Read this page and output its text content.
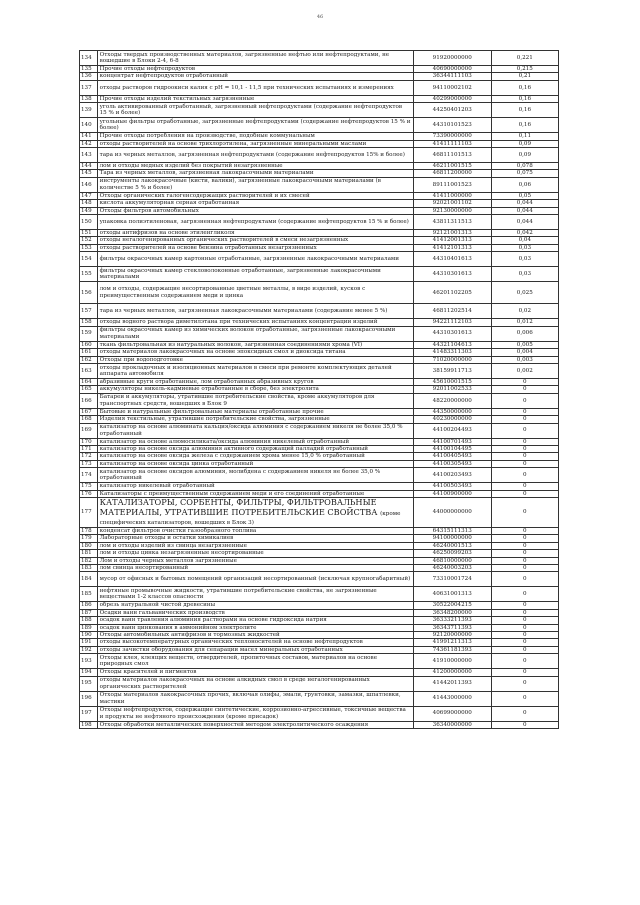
46
134	Отходы твердых производственных материалов, загрязненные нефтью или нефтепродуктами, не вошедшие в Блоки 2-4, 6-8	91920000000	0,221
135	Прочие отходы нефтепродуктов	40690000000	0,215
136	концентрат нефтепродуктов отработанный	36344111103	0,21
137	отходы растворов гидроокиси калия с рН = 10,1 - 11,5 при технических испытаниях и измерениях	94110002102	0,16
138	Прочие отходы изделий текстильных загрязненные	40299000000	0,16
139	уголь активированный отработанный, загрязненный нефтепродуктами (содержание нефтепродуктов 15 % и более)	44250401203	0,16
140	угольные фильтры отработанные, загрязненные нефтепродуктами (содержание нефтепродуктов 15 % и более)	44310101523	0,16
141	Прочие отходы потребления на производстве, подобные коммунальным	73390000000	0,11
142	отходы растворителей на основе трихлорэтилена, загрязненные минеральными маслами	41411111103	0,09
143	тара из черных металлов, загрязненная нефтепродуктами (содержание нефтепродуктов 15% и более)	46811101513	0,09
144	лом и отходы медных изделий без покрытий незагрязненные	46211001515	0,078
145	Тара из черных металлов, загрязненная лакокрасочными материалами	46811200000	0,075
146	инструменты лакокрасочные (кисти, валики), загрязненные лакокрасочными материалами (в количестве 5 % и более)	89111001523	0,06
147	Отходы органических галогенсодержащих растворителей и их смесей	41411000000	0,05
148	кислота аккумуляторная серная отработанная	92021001102	0,044
149	Отходы фильтров автомобильных	92130000000	0,044
150	упаковка полиэтиленовая, загрязненная нефтепродуктами (содержание нефтепродуктов 15 % и более)	43811311513	0,044
151	отходы антифризов на основе этиленгликоля	92121001313	0,042
152	отходы негалогенированных органических растворителей в смеси незагрязненных	41412001313	0,04
153	отходы растворителей на основе бензина отработанных незагрязненных	41412101313	0,03
154	фильтры окрасочных камер картонные отработанные, загрязненные лакокрасочными материалами	44310401613	0,03
155	фильтры окрасочных камер стекловолоконные отработанные, загрязненные лакокрасочными материалами	44310301613	0,03
156	лом и отходы, содержащие несортированные цветные металлы, в виде изделий, кусков с преимущественным содержанием меди и цинка	46201102205	0,025
157	тара из черных металлов, загрязненная лакокрасочными материалами (содержание менее 5 %)	46811202514	0,02
158	отходы водного раствора диметилэтана при технических испытаниях концентрации изделий	94221112103	0,012
159	фильтры окрасочных камер из химических волокон отработанные, загрязненные лакокрасочными материалами	44310301613	0,006
160	ткань фильтровальная из натуральных волокон, загрязненная соединениями хрома (VI)	44321104613	0,005
161	отходы материалов лакокрасочных на основе эпоксидных смол и диоксида титана	41483311303	0,004
162	Отходы при водоподготовке	71020000000	0,003
163	отходы прокладочных и изоляционных материалов в смеси при ремонте комплектующих деталей аппарата автомобиля	38159911713	0,002
164	абразивные круги отработанные, лом отработанных абразивных кругов	45610001515	0
165	аккумуляторы никель-кадмиевые отработанные в сборе, без электролита	92011002533	0
166	Батареи и аккумуляторы, утратившие потребительские свойства, кроме аккумуляторов для транспортных средств, вошедших в Блок 9	48220000000	0
167	Бытовые и натуральные фильтровальные материалы отработанные прочие	44350000000	0
168	Изделия текстильные, утратившие потребительские свойства, загрязненные	40230000000	0
169	катализатор на основе алюмината кальция/оксида алюминия с содержанием никеля не более 35,0 % отработанный	44100204493	0
170	катализатор на основе алюмосиликата/оксида алюминия никелевый отработанный	44100701493	0
171	катализатор на основе оксида алюминия активного содержащий палладий отработанный	44100104495	0
172	катализатор на основе оксида железа с содержанием хрома менее 15,0 % отработанный	44100405493	0
173	катализатор на основе оксида цинка отработанный	44100305493	0
174	катализатор на основе оксидов алюминия, молибдена с содержанием никеля не более 35,0 % отработанный	44100203493	0
175	катализатор никелевый отработанный	44100503493	0
176	Катализаторы с преимущественным содержанием меди и его соединений отработанные	44100900000	0
177	КАТАЛИЗАТОРЫ, СОРБЕНТЫ, ФИЛЬТРЫ, ФИЛЬТРОВАЛЬНЫЕ МАТЕРИАЛЫ, УТРАТИВШИЕ ПОТРЕБИТЕЛЬСКИЕ СВОЙСТВА (кроме специфических катализаторов, вошедших в Блок 3)	44000000000	0
178	конденсат фильтров очистки газообразного топлива	64315111313	0
179	Лабораторные отходы и остатки химикалиев	94100000000	0
180	лом и отходы изделий из свинца незагрязненные	46240001513	0
181	лом и отходы цинка незагрязненные несортированные	46250099203	0
182	Лом и отходы черных металлов загрязненные	46810000000	0
183	лом свинца несортированный	46240003203	0
184	мусор от офисных и бытовых помещений организаций несортированный (исключая крупногабаритный)	73310001724	0
185	нефтяные промывочные жидкости, утратившие потребительские свойства, не загрязненные веществами 1-2 классов опасности	40631001313	0
186	обрезь натуральной чистой древесины	30522004215	0
187	Осадки ванн гальванических производств	36348200000	0
188	осадок ванн травления алюминия растворами на основе гидроксида натрия	36333211393	0
189	осадок ванн цинкования в аммонийном электролите	36343711393	0
190	Отходы автомобильных антифризов и тормозных жидкостей	92120000000	0
191	отходы высокотемпературных органических теплоносителей на основе нефтепродуктов	41991211313	0
192	отходы зачистки оборудования для сепарации масел минеральных отработанных	74361181393	0
193	Отходы клея, клеящих веществ, отвердителей, пропиточных составов, материалов на основе природных смол	41910000000	0
194	Отходы красителей и пигментов	41200000000	0
195	отходы материалов лакокрасочных на основе алкидных смол в среде негалогенированных органических растворителей	41442011393	0
196	Отходы материалов лакокрасочных прочих, включая олифы, эмали, грунтовки, замазки, шпатлевки, мастики	41443000000	0
197	Отходы нефтепродуктов, содержащие синтетические, коррозионно-агрессивные, токсичные вещества и продукты не нефтяного происхождения (кроме присадок)	40699000000	0
198	Отходы обработки металлических поверхностей методом электролитического осаждения	36340000000	0
